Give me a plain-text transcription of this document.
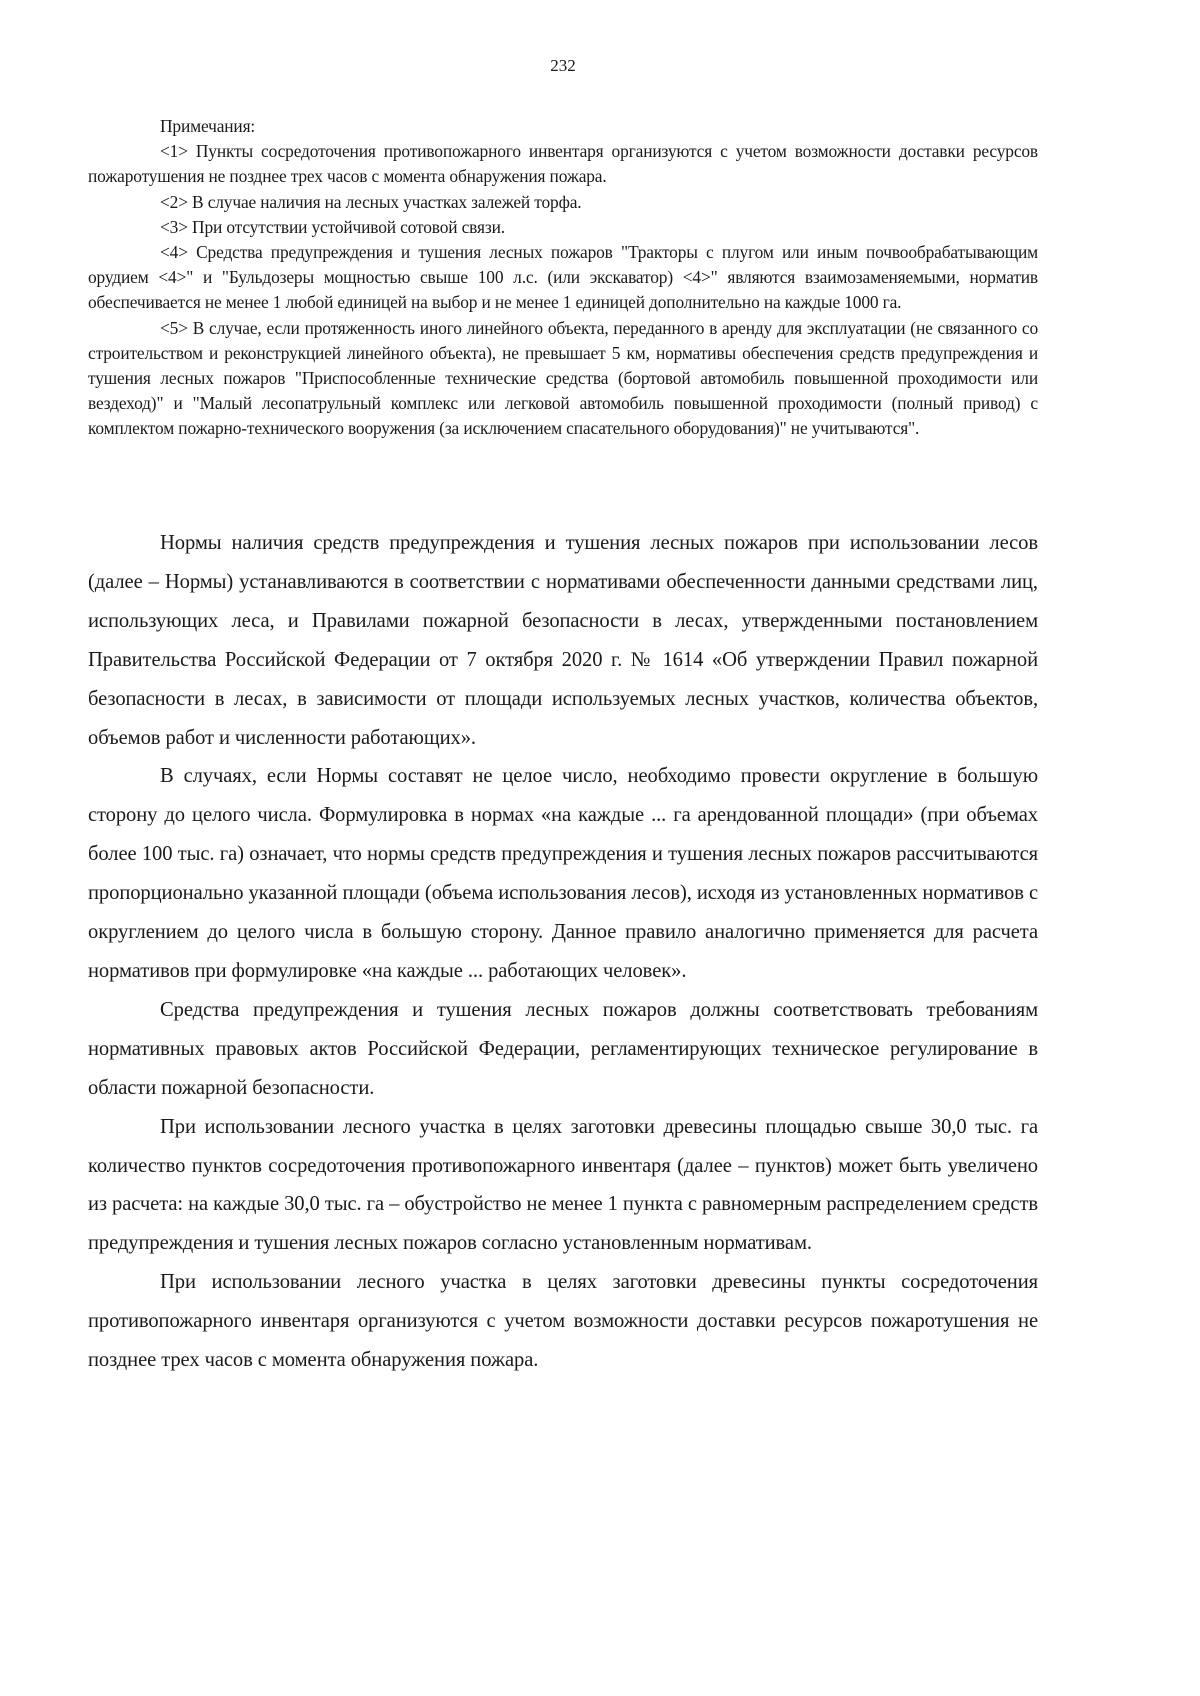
232

Примечания:

<1> Пункты сосредоточения противопожарного инвентаря организуются с учетом возможности доставки ресурсов пожаротушения не позднее трех часов с момента обнаружения пожара.

<2> В случае наличия на лесных участках залежей торфа.

<3> При отсутствии устойчивой сотовой связи.

<4> Средства предупреждения и тушения лесных пожаров "Тракторы с плугом или иным почвообрабатывающим орудием <4>" и "Бульдозеры мощностью свыше 100 л.с. (или экскаватор) <4>" являются взаимозаменяемыми, норматив обеспечивается не менее 1 любой единицей на выбор и не менее 1 единицей дополнительно на каждые 1000 га.

<5> В случае, если протяженность иного линейного объекта, переданного в аренду для эксплуатации (не связанного со строительством и реконструкцией линейного объекта), не превышает 5 км, нормативы обеспечения средств предупреждения и тушения лесных пожаров "Приспособленные технические средства (бортовой автомобиль повышенной проходимости или вездеход)" и "Малый лесопатрульный комплекс или легковой автомобиль повышенной проходимости (полный привод) с комплектом пожарно-технического вооружения (за исключением спасательного оборудования)" не учитываются".

Нормы наличия средств предупреждения и тушения лесных пожаров при использовании лесов (далее – Нормы) устанавливаются в соответствии с нормативами обеспеченности данными средствами лиц, использующих леса, и Правилами пожарной безопасности в лесах, утвержденными постановлением Правительства Российской Федерации от 7 октября 2020 г. № 1614 «Об утверждении Правил пожарной безопасности в лесах, в зависимости от площади используемых лесных участков, количества объектов, объемов работ и численности работающих».

В случаях, если Нормы составят не целое число, необходимо провести округление в большую сторону до целого числа. Формулировка в нормах «на каждые ... га арендованной площади» (при объемах более 100 тыс. га) означает, что нормы средств предупреждения и тушения лесных пожаров рассчитываются пропорционально указанной площади (объема использования лесов), исходя из установленных нормативов с округлением до целого числа в большую сторону. Данное правило аналогично применяется для расчета нормативов при формулировке «на каждые ... работающих человек».

Средства предупреждения и тушения лесных пожаров должны соответствовать требованиям нормативных правовых актов Российской Федерации, регламентирующих техническое регулирование в области пожарной безопасности.

При использовании лесного участка в целях заготовки древесины площадью свыше 30,0 тыс. га количество пунктов сосредоточения противопожарного инвентаря (далее – пунктов) может быть увеличено из расчета: на каждые 30,0 тыс. га – обустройство не менее 1 пункта с равномерным распределением средств предупреждения и тушения лесных пожаров согласно установленным нормативам.

При использовании лесного участка в целях заготовки древесины пункты сосредоточения противопожарного инвентаря организуются с учетом возможности доставки ресурсов пожаротушения не позднее трех часов с момента обнаружения пожара.
